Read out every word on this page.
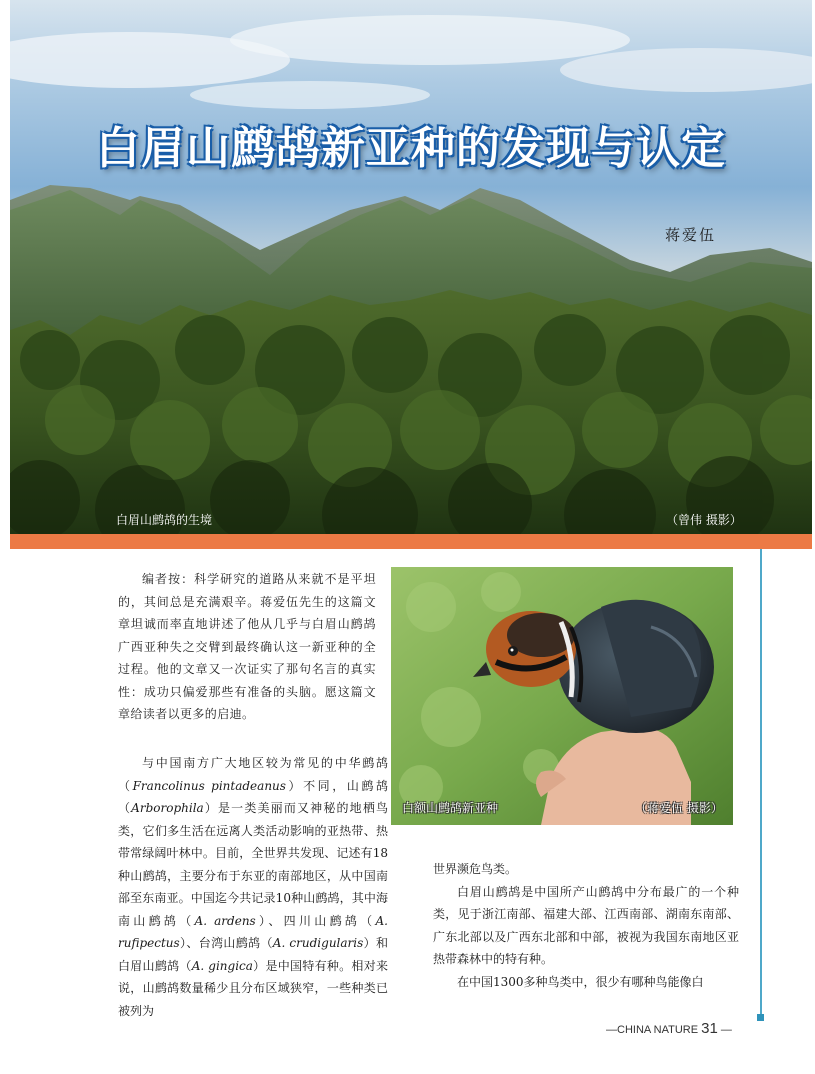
白眉山鹧鸪新亚种的发现与认定
蒋爱伍
白眉山鹧鸪的生境	（曾伟 摄影）
编者按：科学研究的道路从来就不是平坦的，其间总是充满艰辛。蒋爱伍先生的这篇文章坦诚而率直地讲述了他从几乎与白眉山鹧鸪广西亚种失之交臂到最终确认这一新亚种的全过程。他的文章又一次证实了那句名言的真实性：成功只偏爱那些有准备的头脑。愿这篇文章给读者以更多的启迪。

与中国南方广大地区较为常见的中华鹧鸪（Francolinus pintadeanus）不同，山鹧鸪（Arborophila）是一类美丽而又神秘的地栖鸟类，它们多生活在远离人类活动影响的亚热带、热带常绿阔叶林中。目前，全世界共发现、记述有18种山鹧鸪，主要分布于东亚的南部地区，从中国南部至东南亚。中国迄今共记录10种山鹧鸪，其中海南山鹧鸪（A. ardens）、四川山鹧鸪（A. rufipectus）、台湾山鹧鸪（A. crudigularis）和白眉山鹧鸪（A. gingica）是中国特有种。相对来说，山鹧鸪数量稀少且分布区域狭窄，一些种类已被列为

白额山鹧鸪新亚种	（蒋爱伍 摄影）

世界濒危鸟类。

白眉山鹧鸪是中国所产山鹧鸪中分布最广的一个种类，见于浙江南部、福建大部、江西南部、湖南东南部、广东北部以及广西东北部和中部，被视为我国东南地区亚热带森林中的特有种。

在中国1300多种鸟类中，很少有哪种鸟能像白

—CHINA NATURE 31 —
